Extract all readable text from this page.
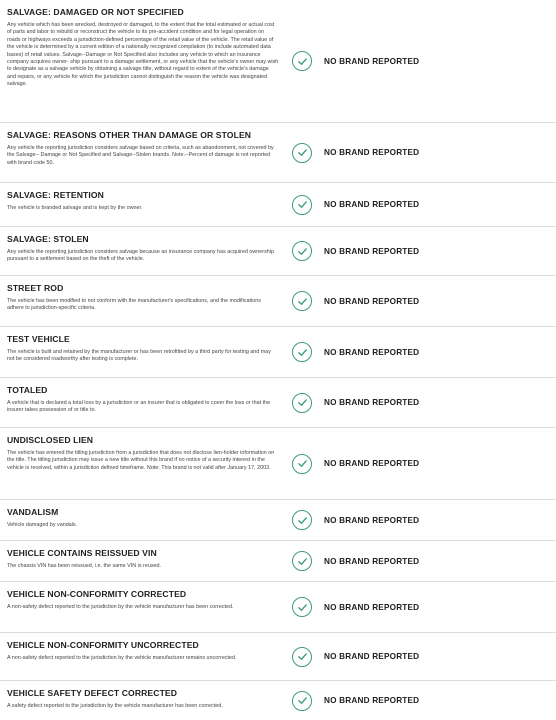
SALVAGE: DAMAGED OR NOT SPECIFIED
Any vehicle which has been wrecked, destroyed or damaged, to the extent that the total estimated or actual cost of parts and labor to rebuild or reconstruct the vehicle to its pre-accident condition and for legal operation on roads or highways exceeds a jurisdiction-defined percentage of the retail value of the vehicle. The retail value of the vehicle is determined by a current edition of a nationally recognized compilation (to include automated data bases) of retail values. Salvage--Damage or Not Specified also includes any vehicle to which an insurance company acquires owner- ship pursuant to a damage settlement, or any vehicle that the vehicle's owner may wish to designate as a salvage vehicle by obtaining a salvage title, without regard to extent of the vehicle's damage and repairs, or any vehicle for which the jurisdiction cannot distinguish the reason the vehicle was designated salvage.
NO BRAND REPORTED
SALVAGE: REASONS OTHER THAN DAMAGE OR STOLEN
Any vehicle the reporting jurisdiction considers salvage based on criteria, such as abandonment, not covered by the Salvage-- Damage or Not Specified and Salvage--Stolen brands. Note.--Percent of damage is not reported with brand code 50.
NO BRAND REPORTED
SALVAGE: RETENTION
The vehicle is branded salvage and is kept by the owner.	NO BRAND REPORTED
SALVAGE: STOLEN
Any vehicle the reporting jurisdiction considers salvage because an insurance company has acquired ownership pursuant to a settlement based on the theft of the vehicle.
NO BRAND REPORTED
STREET ROD
The vehicle has been modified to not conform with the manufacturer's specifications, and the modifications adhere to jurisdiction-specific criteria.
NO BRAND REPORTED
TEST VEHICLE
The vehicle is built and retained by the manufacturer or has been retrofitted by a third party for testing and may not be considered roadworthy after testing is complete.
NO BRAND REPORTED
TOTALED
A vehicle that is declared a total loss by a jurisdiction or an insurer that is obligated to cover the loss or that the insurer takes possession of or title to.
NO BRAND REPORTED
UNDISCLOSED LIEN
The vehicle has entered the titling jurisdiction from a jurisdiction that does not disclose lien-holder information on the title. The titling jurisdiction may issue a new title without this brand if no notice of a security interest in the vehicle is received, within a jurisdiction defined timeframe. Note: This brand is not valid after January 17, 2003.	NO BRAND REPORTED
VANDALISM
Vehicle damaged by vandals.
NO BRAND REPORTED
VEHICLE CONTAINS REISSUED VIN
The chassis VIN has been reissued, i.e. the same VIN is reused.
NO BRAND REPORTED
VEHICLE NON-CONFORMITY CORRECTED
A non-safety defect reported to the jurisdiction by the vehicle manufacturer has been corrected.	NO BRAND REPORTED
VEHICLE NON-CONFORMITY UNCORRECTED
A non-safety defect reported to the jurisdiction by the vehicle manufacturer remains uncorrected.	NO BRAND REPORTED
VEHICLE SAFETY DEFECT CORRECTED
A safety defect reported to the jurisdiction by the vehicle manufacturer has been corrected.
NO BRAND REPORTED
